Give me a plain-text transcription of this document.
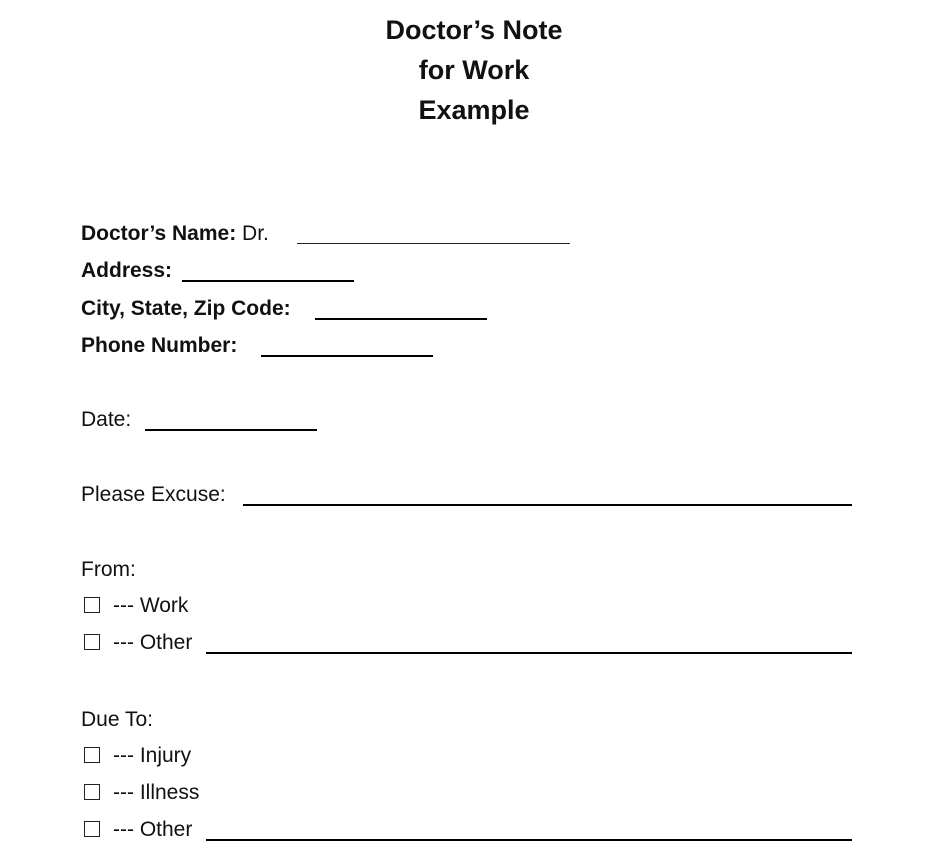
Doctor’s Note
for Work
Example
Doctor’s Name: Dr.
Address:
City, State, Zip Code:
Phone Number:
Date:
Please Excuse:
From:
--- Work
--- Other
Due To:
--- Injury
--- Illness
--- Other
